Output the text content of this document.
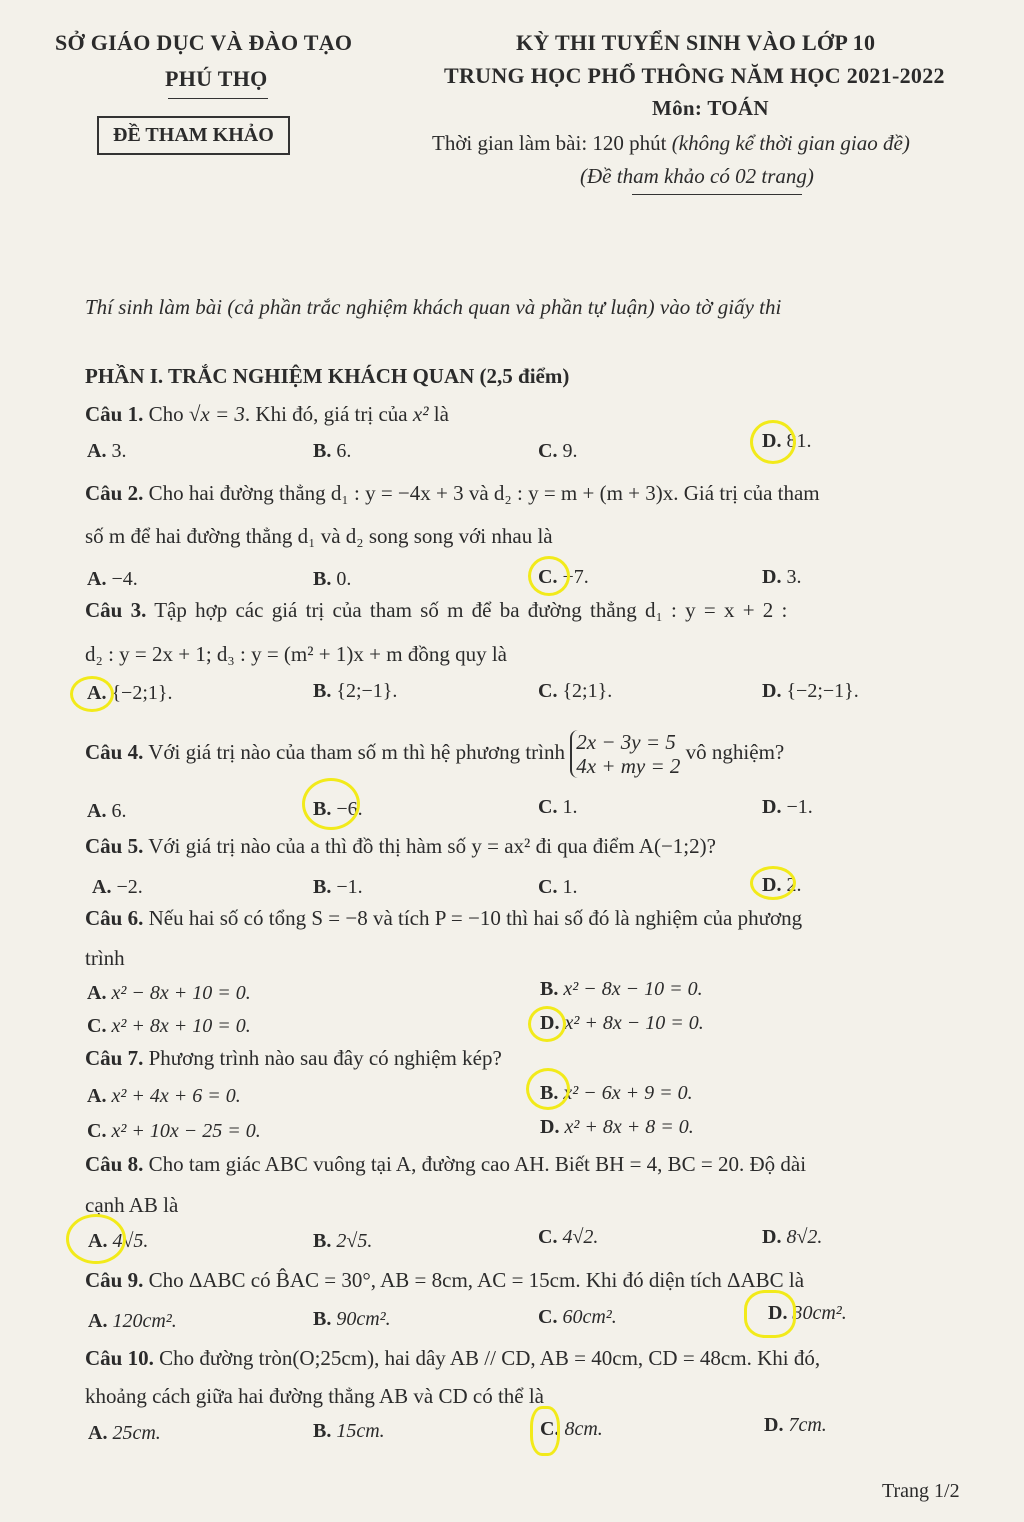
SỞ GIÁO DỤC VÀ ĐÀO TẠO
PHÚ THỌ
ĐỀ THAM KHẢO
KỲ THI TUYỂN SINH VÀO LỚP 10
TRUNG HỌC PHỔ THÔNG NĂM HỌC 2021-2022
Môn: TOÁN
Thời gian làm bài: 120 phút (không kể thời gian giao đề)
(Đề tham khảo có 02 trang)
Thí sinh làm bài (cả phần trắc nghiệm khách quan và phần tự luận) vào tờ giấy thi
PHẦN I. TRẮC NGHIỆM KHÁCH QUAN (2,5 điểm)
Câu 1. Cho √x = 3. Khi đó, giá trị của x² là
A. 3.	B. 6.	C. 9.	D. 81.
Câu 2. Cho hai đường thẳng d₁ : y = −4x + 3 và d₂ : y = m + (m + 3)x. Giá trị của tham
số m để hai đường thẳng d₁ và d₂ song song với nhau là
A. −4.	B. 0.	C. −7.	D. 3.
Câu 3. Tập hợp các giá trị của tham số m để ba đường thẳng d₁ : y = x + 2 :
d₂ : y = 2x + 1; d₃ : y = (m² + 1)x + m đồng quy là
A. {−2;1}.	B. {2;−1}.	C. {2;1}.	D. {−2;−1}.
Câu 4. Với giá trị nào của tham số m thì hệ phương trình 2x − 3y = 5
4x + my = 2 vô nghiệm?
A. 6.	B. −6.	C. 1.	D. −1.
Câu 5. Với giá trị nào của a thì đồ thị hàm số y = ax² đi qua điểm A(−1;2)?
A. −2.	B. −1.	C. 1.	D. 2.
Câu 6. Nếu hai số có tổng S = −8 và tích P = −10 thì hai số đó là nghiệm của phương
trình
A. x² − 8x + 10 = 0.	B. x² − 8x − 10 = 0.
C. x² + 8x + 10 = 0.	D. x² + 8x − 10 = 0.
Câu 7. Phương trình nào sau đây có nghiệm kép?
A. x² + 4x + 6 = 0.	B. x² − 6x + 9 = 0.
C. x² + 10x − 25 = 0.	D. x² + 8x + 8 = 0.
Câu 8. Cho tam giác ABC vuông tại A, đường cao AH. Biết BH = 4, BC = 20. Độ dài
cạnh AB là
A. 4√5.	B. 2√5.	C. 4√2.	D. 8√2.
Câu 9. Cho ΔABC có B̂AC = 30°, AB = 8cm, AC = 15cm. Khi đó diện tích ΔABC là
A. 120cm².	B. 90cm².	C. 60cm².	D. 30cm².
Câu 10. Cho đường tròn(O;25cm), hai dây AB // CD, AB = 40cm, CD = 48cm. Khi đó,
khoảng cách giữa hai đường thẳng AB và CD có thể là
A. 25cm.	B. 15cm.	C. 8cm.	D. 7cm.
Trang 1/2
